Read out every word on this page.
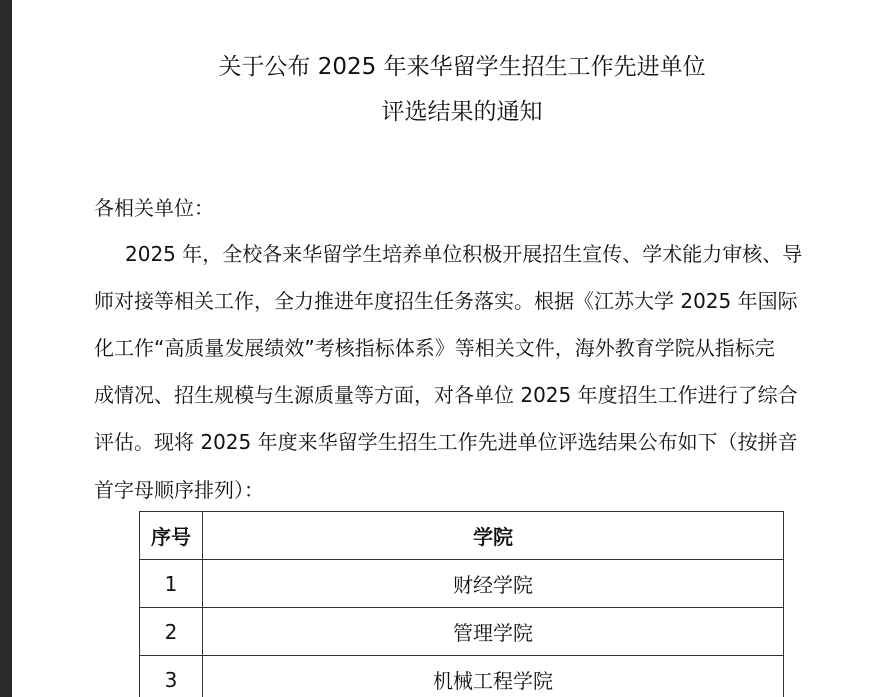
关于公布 2025 年来华留学生招生工作先进单位
评选结果的通知
各相关单位：
2025 年，全校各来华留学生培养单位积极开展招生宣传、学术能力审核、导
师对接等相关工作，全力推进年度招生任务落实。根据《江苏大学 2025 年国际
化工作“高质量发展绩效”考核指标体系》等相关文件，海外教育学院从指标完
成情况、招生规模与生源质量等方面，对各单位 2025 年度招生工作进行了综合
评估。现将 2025 年度来华留学生招生工作先进单位评选结果公布如下（按拼音
首字母顺序排列）：
序号	学院
1	财经学院
2	管理学院
3	机械工程学院
